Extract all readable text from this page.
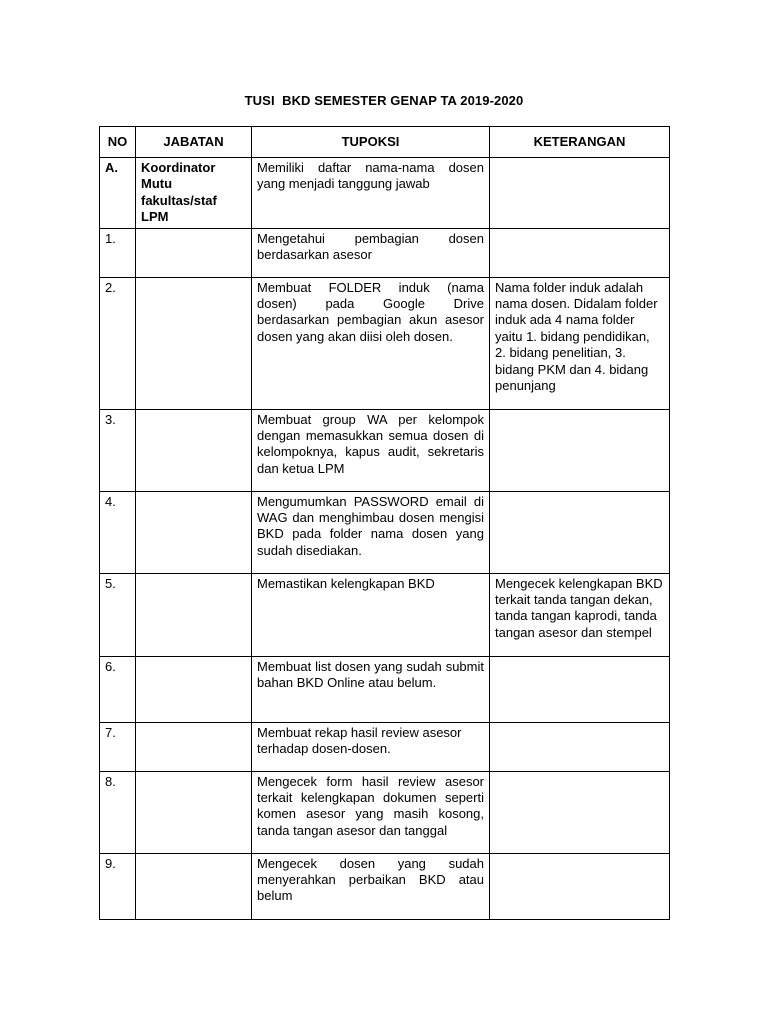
TUSI  BKD SEMESTER GENAP TA 2019-2020
NO	JABATAN	TUPOKSI	KETERANGAN
A.	Koordinator Mutu fakultas/staf LPM	Memiliki daftar nama-nama dosen yang menjadi tanggung jawab	
1.		Mengetahui pembagian dosen berdasarkan asesor	
2.		Membuat FOLDER induk (nama dosen) pada Google Drive berdasarkan pembagian akun asesor dosen yang akan diisi oleh dosen.	Nama folder induk adalah nama dosen. Didalam folder induk ada 4 nama folder yaitu 1. bidang pendidikan, 2. bidang penelitian, 3. bidang PKM dan 4. bidang penunjang
3.		Membuat group WA per kelompok dengan memasukkan semua dosen di kelompoknya, kapus audit, sekretaris dan ketua LPM	
4.		Mengumumkan PASSWORD email di WAG dan menghimbau dosen mengisi BKD pada folder nama dosen yang sudah disediakan.	
5.		Memastikan kelengkapan BKD	Mengecek kelengkapan BKD terkait tanda tangan dekan, tanda tangan kaprodi, tanda tangan asesor dan stempel
6.		Membuat list dosen yang sudah submit bahan BKD Online atau belum.	
7.		Membuat rekap hasil review asesor terhadap dosen-dosen.	
8.		Mengecek form hasil review asesor terkait kelengkapan dokumen seperti komen asesor yang masih kosong, tanda tangan asesor dan tanggal	
9.		Mengecek dosen yang sudah menyerahkan perbaikan BKD atau belum	
